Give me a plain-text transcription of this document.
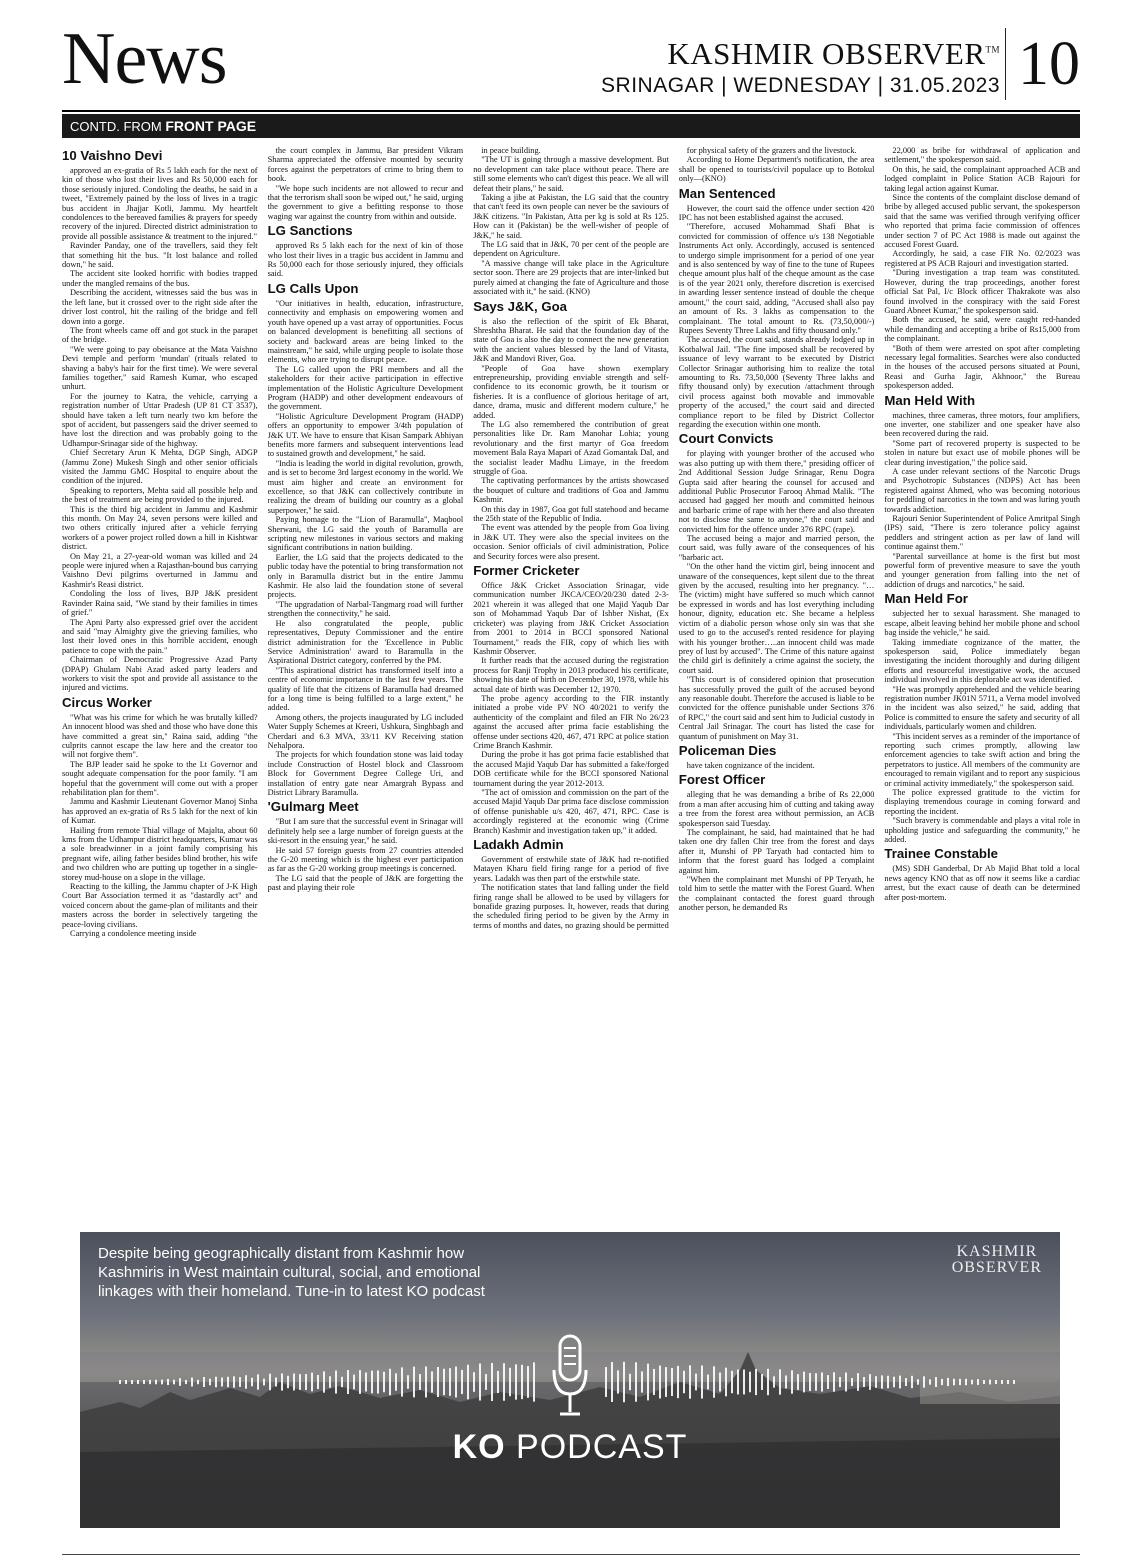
News	KASHMIR OBSERVER™
SRINAGAR | WEDNESDAY | 31.05.2023 10
CONTD. FROM FRONT PAGE
10 Vaishno Devi

approved an ex-gratia of Rs 5 lakh each for the next of kin of those who lost their lives and Rs 50,000 each for those seriously injured. Condoling the deaths, he said in a tweet, "Extremely pained by the loss of lives in a tragic bus accident in Jhajjar Kotli, Jammu. My heartfelt condolences to the bereaved families & prayers for speedy recovery of the injured. Directed district administration to provide all possible assistance & treatment to the injured."

Ravinder Panday, one of the travellers, said they felt that something hit the bus. "It lost balance and rolled down," he said.

The accident site looked horrific with bodies trapped under the mangled remains of the bus.

Describing the accident, witnesses said the bus was in the left lane, but it crossed over to the right side after the driver lost control, hit the railing of the bridge and fell down into a gorge.

The front wheels came off and got stuck in the parapet of the bridge.

"We were going to pay obeisance at the Mata Vaishno Devi temple and perform 'mundan' (rituals related to shaving a baby's hair for the first time). We were several families together," said Ramesh Kumar, who escaped unhurt.

For the journey to Katra, the vehicle, carrying a registration number of Uttar Pradesh (UP 81 CT 3537), should have taken a left turn nearly two km before the spot of accident, but passengers said the driver seemed to have lost the direction and was probably going to the Udhampur-Srinagar side of the highway.

Chief Secretary Arun K Mehta, DGP Singh, ADGP (Jammu Zone) Mukesh Singh and other senior officials visited the Jammu GMC Hospital to enquire about the condition of the injured.

Speaking to reporters, Mehta said all possible help and the best of treatment are being provided to the injured.

This is the third big accident in Jammu and Kashmir this month. On May 24, seven persons were killed and two others critically injured after a vehicle ferrying workers of a power project rolled down a hill in Kishtwar district.

On May 21, a 27-year-old woman was killed and 24 people were injured when a Rajasthan-bound bus carrying Vaishno Devi pilgrims overturned in Jammu and Kashmir's Reasi district.

Condoling the loss of lives, BJP J&K president Ravinder Raina said, "We stand by their families in times of grief."

The Apni Party also expressed grief over the accident and said "may Almighty give the grieving families, who lost their loved ones in this horrible accident, enough patience to cope with the pain."

Chairman of Democratic Progressive Azad Party (DPAP) Ghulam Nabi Azad asked party leaders and workers to visit the spot and provide all assistance to the injured and victims.

Circus Worker

"What was his crime for which he was brutally killed? An innocent blood was shed and those who have done this have committed a great sin," Raina said, adding "the culprits cannot escape the law here and the creator too will not forgive them".

The BJP leader said he spoke to the Lt Governor and sought adequate compensation for the poor family. "I am hopeful that the government will come out with a proper rehabilitation plan for them".

Jammu and Kashmir Lieutenant Governor Manoj Sinha has approved an ex-gratia of Rs 5 lakh for the next of kin of Kumar.

Hailing from remote Thial village of Majalta, about 60 kms from the Udhampur district headquarters, Kumar was a sole breadwinner in a joint family comprising his pregnant wife, ailing father besides blind brother, his wife and two children who are putting up together in a single-storey mud-house on a slope in the village.

Reacting to the killing, the Jammu chapter of J-K High Court Bar Association termed it as "dastardly act" and voiced concern about the game-plan of militants and their masters across the border in selectively targeting the peace-loving civilians.

Carrying a condolence meeting inside

the court complex in Jammu, Bar president Vikram Sharma appreciated the offensive mounted by security forces against the perpetrators of crime to bring them to book.

"We hope such incidents are not allowed to recur and that the terrorism shall soon be wiped out," he said, urging the government to give a befitting response to those waging war against the country from within and outside.

LG Sanctions

approved Rs 5 lakh each for the next of kin of those who lost their lives in a tragic bus accident in Jammu and Rs 50,000 each for those seriously injured, they officials said.

LG Calls Upon

"Our initiatives in health, education, infrastructure, connectivity and emphasis on empowering women and youth have opened up a vast array of opportunities. Focus on balanced development is benefitting all sections of society and backward areas are being linked to the mainstream," he said, while urging people to isolate those elements, who are trying to disrupt peace.

The LG called upon the PRI members and all the stakeholders for their active participation in effective implementation of the Holistic Agriculture Development Program (HADP) and other development endeavours of the government.

"Holistic Agriculture Development Program (HADP) offers an opportunity to empower 3/4th population of J&K UT. We have to ensure that Kisan Sampark Abhiyan benefits more farmers and subsequent interventions lead to sustained growth and development," he said.

"India is leading the world in digital revolution, growth, and is set to become 3rd largest economy in the world. We must aim higher and create an environment for excellence, so that J&K can collectively contribute in realizing the dream of building our country as a global superpower," he said.

Paying homage to the "Lion of Baramulla", Maqbool Sherwani, the LG said the youth of Baramulla are scripting new milestones in various sectors and making significant contributions in nation building.

Earlier, the LG said that the projects dedicated to the public today have the potential to bring transformation not only in Baramulla district but in the entire Jammu Kashmir. He also laid the foundation stone of several projects.

"The upgradation of Narbal-Tangmarg road will further strengthen the connectivity," he said.

He also congratulated the people, public representatives, Deputy Commissioner and the entire district administration for the 'Excellence in Public Service Administration' award to Baramulla in the Aspirational District category, conferred by the PM.

"This aspirational district has transformed itself into a centre of economic importance in the last few years. The quality of life that the citizens of Baramulla had dreamed for a long time is being fulfilled to a large extent," he added.

Among others, the projects inaugurated by LG included Water Supply Schemes at Kreeri, Ushkura, Singhbagh and Cherdari and 6.3 MVA, 33/11 KV Receiving station Nehalpora.

The projects for which foundation stone was laid today include Construction of Hostel block and Classroom Block for Government Degree College Uri, and installation of entry gate near Amargrah Bypass and District Library Baramulla.

'Gulmarg Meet

"But I am sure that the successful event in Srinagar will definitely help see a large number of foreign guests at the ski-resort in the ensuing year," he said.

He said 57 foreign guests from 27 countries attended the G-20 meeting which is the highest ever participation as far as the G-20 working group meetings is concerned.

The LG said that the people of J&K are forgetting the past and playing their role

in peace building.

"The UT is going through a massive development. But no development can take place without peace. There are still some elements who can't digest this peace. We all will defeat their plans," he said.

Taking a jibe at Pakistan, the LG said that the country that can't feed its own people can never be the saviours of J&K citizens. "In Pakistan, Atta per kg is sold at Rs 125. How can it (Pakistan) be the well-wisher of people of J&K," he said.

The LG said that in J&K, 70 per cent of the people are dependent on Agriculture.

"A massive change will take place in the Agriculture sector soon. There are 29 projects that are inter-linked but purely aimed at changing the fate of Agriculture and those associated with it," he said. (KNO)

Says J&K, Goa

is also the reflection of the spirit of Ek Bharat, Shreshtha Bharat. He said that the foundation day of the state of Goa is also the day to connect the new generation with the ancient values blessed by the land of Vitasta, J&K and Mandovi River, Goa.

"People of Goa have shown exemplary entrepreneurship, providing enviable strength and self-confidence to its economic growth, be it tourism or fisheries. It is a confluence of glorious heritage of art, dance, drama, music and different modern culture," he added.

The LG also remembered the contribution of great personalities like Dr. Ram Manohar Lohia; young revolutionary and the first martyr of Goa freedom movement Bala Raya Mapari of Azad Gomantak Dal, and the socialist leader Madhu Limaye, in the freedom struggle of Goa.

The captivating performances by the artists showcased the bouquet of culture and traditions of Goa and Jammu Kashmir.

On this day in 1987, Goa got full statehood and became the 25th state of the Republic of India.

The event was attended by the people from Goa living in J&K UT. They were also the special invitees on the occasion. Senior officials of civil administration, Police and Security forces were also present.

Former Cricketer

Office J&K Cricket Association Srinagar, vide communication number JKCA/CEO/20/230 dated 2-3-2021 wherein it was alleged that one Majid Yaqub Dar son of Mohammad Yaqub Dar of Ishber Nishat, (Ex cricketer) was playing from J&K Cricket Association from 2001 to 2014 in BCCI sponsored National Tournament," reads the FIR, copy of which lies with Kashmir Observer.

It further reads that the accused during the registration process for Ranji Trophy in 2013 produced his certificate, showing his date of birth on December 30, 1978, while his actual date of birth was December 12, 1970.

The probe agency according to the FIR instantly initiated a probe vide PV NO 40/2021 to verify the authenticity of the complaint and filed an FIR No 26/23 against the accused after prima facie establishing the offense under sections 420, 467, 471 RPC at police station Crime Branch Kashmir.

During the probe it has got prima facie established that the accused Majid Yaqub Dar has submitted a fake/forged DOB certificate while for the BCCI sponsored National tournament during the year 2012-2013.

"The act of omission and commission on the part of the accused Majid Yaqub Dar prima face disclose commission of offense punishable u/s 420, 467, 471, RPC. Case is accordingly registered at the economic wing (Crime Branch) Kashmir and investigation taken up," it added.

Ladakh Admin

Government of erstwhile state of J&K had re-notified Matayen Kharu field firing range for a period of five years. Ladakh was then part of the erstwhile state.

The notification states that land falling under the field firing range shall be allowed to be used by villagers for bonafide grazing purposes. It, however, reads that during the scheduled firing period to be given by the Army in terms of months and dates, no grazing should be permitted

for physical safety of the grazers and the livestock.

According to Home Department's notification, the area shall be opened to tourists/civil populace up to Botokul only—(KNO)

Man Sentenced

However, the court said the offence under section 420 IPC has not been established against the accused.

"Therefore, accused Mohammad Shafi Bhat is convicted for commission of offence u/s 138 Negotiable Instruments Act only. Accordingly, accused is sentenced to undergo simple imprisonment for a period of one year and is also sentenced by way of fine to the tune of Rupees cheque amount plus half of the cheque amount as the case is of the year 2021 only, therefore discretion is exercised in awarding lesser sentence instead of double the cheque amount," the court said, adding, "Accused shall also pay an amount of Rs. 3 lakhs as compensation to the complainant. The total amount to Rs. (73,50,000/-) Rupees Seventy Three Lakhs and fifty thousand only."

The accused, the court said, stands already lodged up in Kotbalwal Jail. "The fine imposed shall be recovered by issuance of levy warrant to be executed by District Collector Srinagar authorising him to realize the total amounting to Rs. 73,50,000 (Seventy Three lakhs and fifty thousand only) by execution /attachment through civil process against both movable and immovable property of the accused," the court said and directed compliance report to be filed by District Collector regarding the execution within one month.

Court Convicts

for playing with younger brother of the accused who was also putting up with them there," presiding officer of 2nd Additional Session Judge Srinagar, Renu Dogra Gupta said after hearing the counsel for accused and additional Public Prosecutor Farooq Ahmad Malik. "The accused had gagged her mouth and committed heinous and barbaric crime of rape with her there and also threaten not to disclose the same to anyone," the court said and convicted him for the offence under 376 RPC (rape).

The accused being a major and married person, the court said, was fully aware of the consequences of his "barbaric act.

"On the other hand the victim girl, being innocent and unaware of the consequences, kept silent due to the threat given by the accused, resulting into her pregnancy. "…The (victim) might have suffered so much which cannot be expressed in words and has lost everything including honour, dignity, education etc. She became a helpless victim of a diabolic person whose only sin was that she used to go to the accused's rented residence for playing with his younger brother…..an innocent child was made prey of lust by accused". The Crime of this nature against the child girl is definitely a crime against the society, the court said.

"This court is of considered opinion that prosecution has successfully proved the guilt of the accused beyond any reasonable doubt. Therefore the accused is liable to be convicted for the offence punishable under Sections 376 of RPC," the court said and sent him to Judicial custody in Central Jail Srinagar. The court has listed the case for quantum of punishment on May 31.

Policeman Dies

have taken cognizance of the incident.

Forest Officer

alleging that he was demanding a bribe of Rs 22,000 from a man after accusing him of cutting and taking away a tree from the forest area without permission, an ACB spokesperson said Tuesday.

The complainant, he said, had maintained that he had taken one dry fallen Chir tree from the forest and days after it, Munshi of PP Taryath had contacted him to inform that the forest guard has lodged a complaint against him.

"When the complainant met Munshi of PP Teryath, he told him to settle the matter with the Forest Guard. When the complainant contacted the forest guard through another person, he demanded Rs

22,000 as bribe for withdrawal of application and settlement," the spokesperson said.

On this, he said, the complainant approached ACB and lodged complaint in Police Station ACB Rajouri for taking legal action against Kumar.

Since the contents of the complaint disclose demand of bribe by alleged accused public servant, the spokesperson said that the same was verified through verifying officer who reported that prima facie commission of offences under section 7 of PC Act 1988 is made out against the accused Forest Guard.

Accordingly, he said, a case FIR No. 02/2023 was registered at PS ACB Rajouri and investigation started.

"During investigation a trap team was constituted. However, during the trap proceedings, another forest official Sat Pal, I/c Block officer Thakrakote was also found involved in the conspiracy with the said Forest Guard Abneet Kumar," the spokesperson said.

Both the accused, he said, were caught red-handed while demanding and accepting a bribe of Rs15,000 from the complainant.

"Both of them were arrested on spot after completing necessary legal formalities. Searches were also conducted in the houses of the accused persons situated at Pouni, Reasi and Gurha Jagir, Akhnoor," the Bureau spokesperson added.

Man Held With

machines, three cameras, three motors, four amplifiers, one inverter, one stabilizer and one speaker have also been recovered during the raid.

"Some part of recovered property is suspected to be stolen in nature but exact use of mobile phones will be clear during investigation," the police said.

A case under relevant sections of the Narcotic Drugs and Psychotropic Substances (NDPS) Act has been registered against Ahmed, who was becoming notorious for peddling of narcotics in the town and was luring youth towards addiction.

Rajouri Senior Superintendent of Police Amritpal Singh (IPS) said, "There is zero tolerance policy against peddlers and stringent action as per law of land will continue against them."

"Parental surveillance at home is the first but most powerful form of preventive measure to save the youth and younger generation from falling into the net of addiction of drugs and narcotics," he said.

Man Held For

subjected her to sexual harassment. She managed to escape, albeit leaving behind her mobile phone and school bag inside the vehicle," he said.

Taking immediate cognizance of the matter, the spokesperson said, Police immediately began investigating the incident thoroughly and during diligent efforts and resourceful investigative work, the accused individual involved in this deplorable act was identified.

"He was promptly apprehended and the vehicle bearing registration number JK01N 5711, a Verna model involved in the incident was also seized," he said, adding that Police is committed to ensure the safety and security of all individuals, particularly women and children.

"This incident serves as a reminder of the importance of reporting such crimes promptly, allowing law enforcement agencies to take swift action and bring the perpetrators to justice. All members of the community are encouraged to remain vigilant and to report any suspicious or criminal activity immediately," the spokesperson said.

The police expressed gratitude to the victim for displaying tremendous courage in coming forward and reporting the incident.

"Such bravery is commendable and plays a vital role in upholding justice and safeguarding the community," he added.

Trainee Constable

(MS) SDH Ganderbal, Dr Ab Majid Bhat told a local news agency KNO that as off now it seems like a cardiac arrest, but the exact cause of death can be determined after post-mortem.

Despite being geographically distant from Kashmir how Kashmiris in West maintain cultural, social, and emotional linkages with their homeland. Tune-in to latest KO podcast
KASHMIR
OBSERVER
KO PODCAST
